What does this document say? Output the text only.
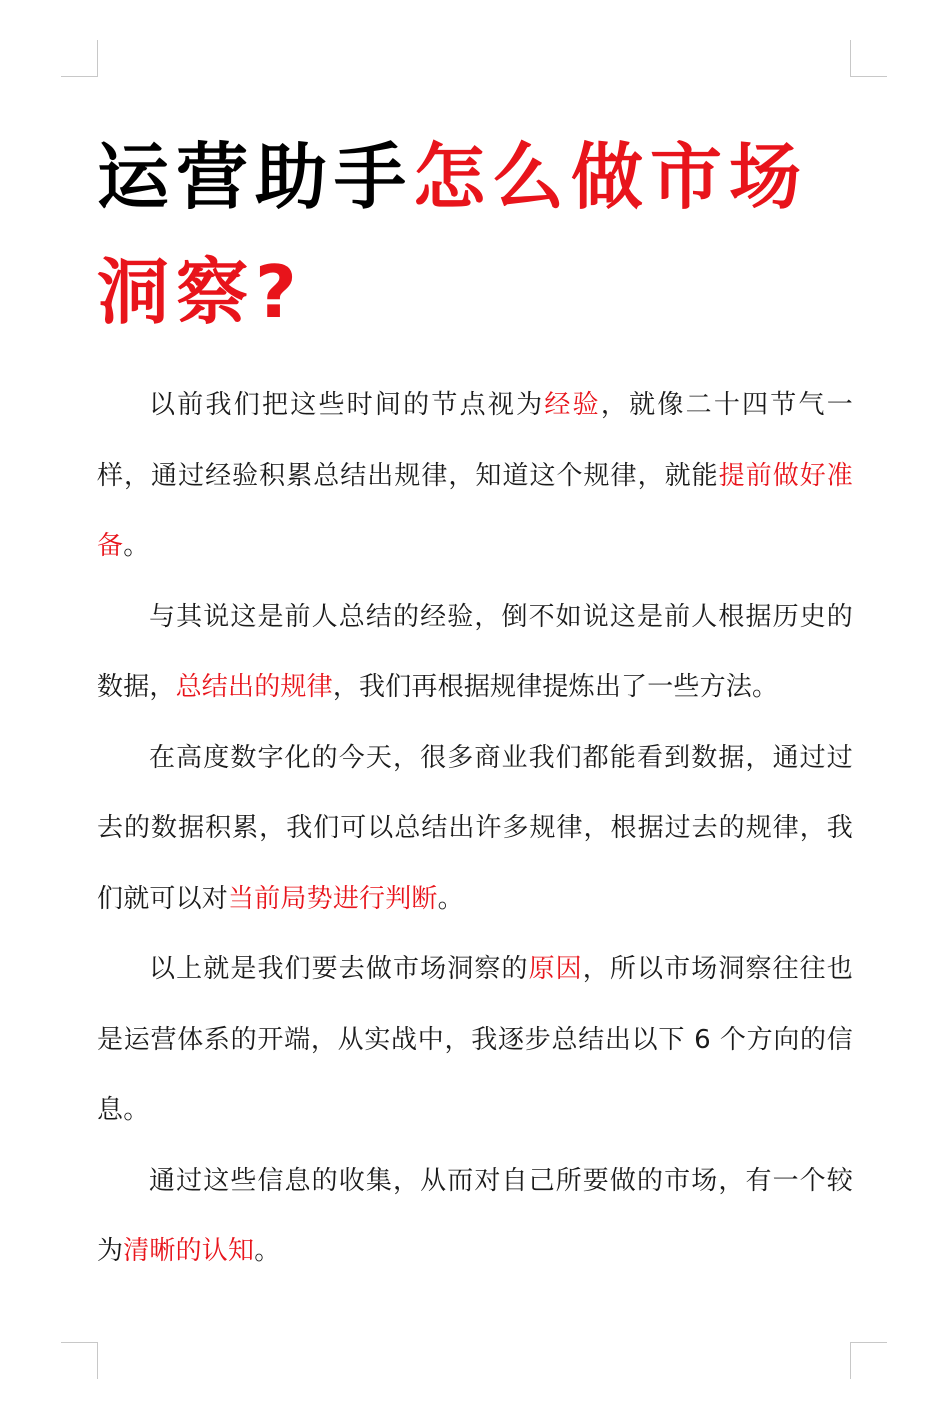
运营助手怎么做市场洞察?

以前我们把这些时间的节点视为经验，就像二十四节气一样，通过经验积累总结出规律，知道这个规律，就能提前做好准备。

与其说这是前人总结的经验，倒不如说这是前人根据历史的数据，总结出的规律，我们再根据规律提炼出了一些方法。

在高度数字化的今天，很多商业我们都能看到数据，通过过去的数据积累，我们可以总结出许多规律，根据过去的规律，我们就可以对当前局势进行判断。

以上就是我们要去做市场洞察的原因，所以市场洞察往往也是运营体系的开端，从实战中，我逐步总结出以下 6 个方向的信息。

通过这些信息的收集，从而对自己所要做的市场，有一个较为清晰的认知。
